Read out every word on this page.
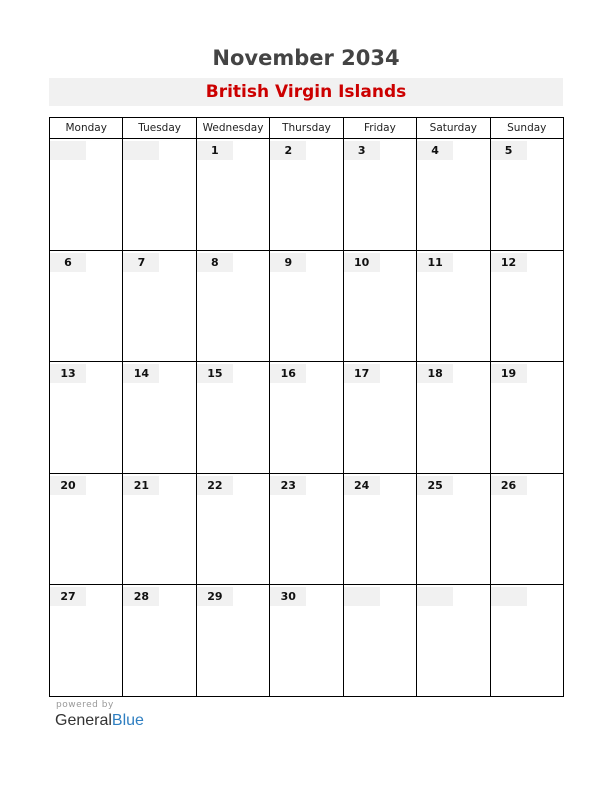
November 2034
British Virgin Islands
Monday	Tuesday	Wednesday	Thursday	Friday	Saturday	Sunday

		1	2	3	4	5

6	7	8	9	10	11	12

13	14	15	16	17	18	19

20	21	22	23	24	25	26

27	28	29	30			

powered by
GeneralBlue
